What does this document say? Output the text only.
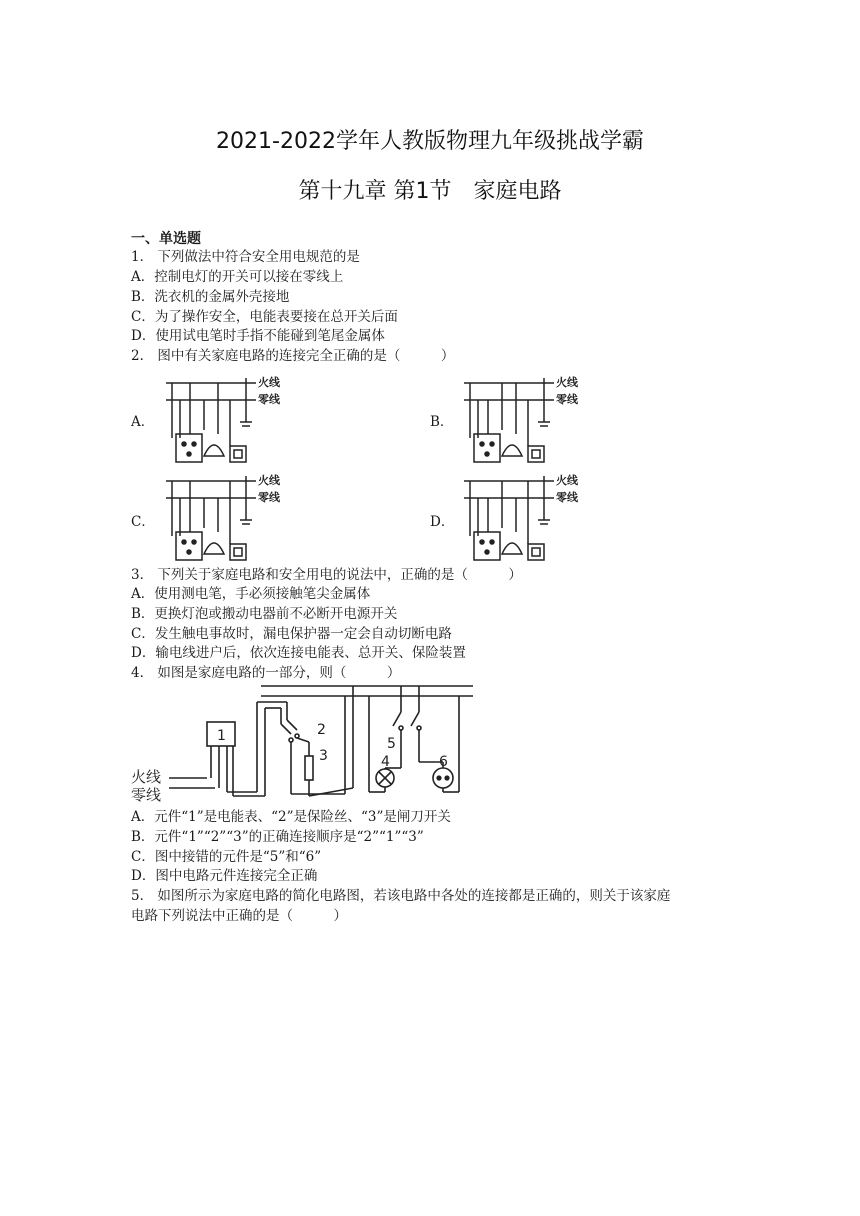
2021-2022学年人教版物理九年级挑战学霸
第十九章 第1节　家庭电路
一、单选题
1． 下列做法中符合安全用电规范的是
A．控制电灯的开关可以接在零线上
B．洗衣机的金属外壳接地
C．为了操作安全，电能表要接在总开关后面
D．使用试电笔时手指不能碰到笔尾金属体
2． 图中有关家庭电路的连接完全正确的是（　　　）
A．	B．
C．	D．
火线
零线
火线
零线
火线
零线
火线
零线
3． 下列关于家庭电路和安全用电的说法中，正确的是（　　　）
A．使用测电笔，手必须接触笔尖金属体
B．更换灯泡或搬动电器前不必断开电源开关
C．发生触电事故时，漏电保护器一定会自动切断电路
D．输电线进户后，依次连接电能表、总开关、保险装置
4． 如图是家庭电路的一部分，则（　　　）
火线
零线
1	2
3	4
5
6
A．元件“1”是电能表、“2”是保险丝、“3”是闸刀开关
B．元件“1”“2”“3”的正确连接顺序是“2”“1”“3”
C．图中接错的元件是“5”和“6”
D．图中电路元件连接完全正确
5． 如图所示为家庭电路的简化电路图，若该电路中各处的连接都是正确的，则关于该家庭
电路下列说法中正确的是（　　　）
